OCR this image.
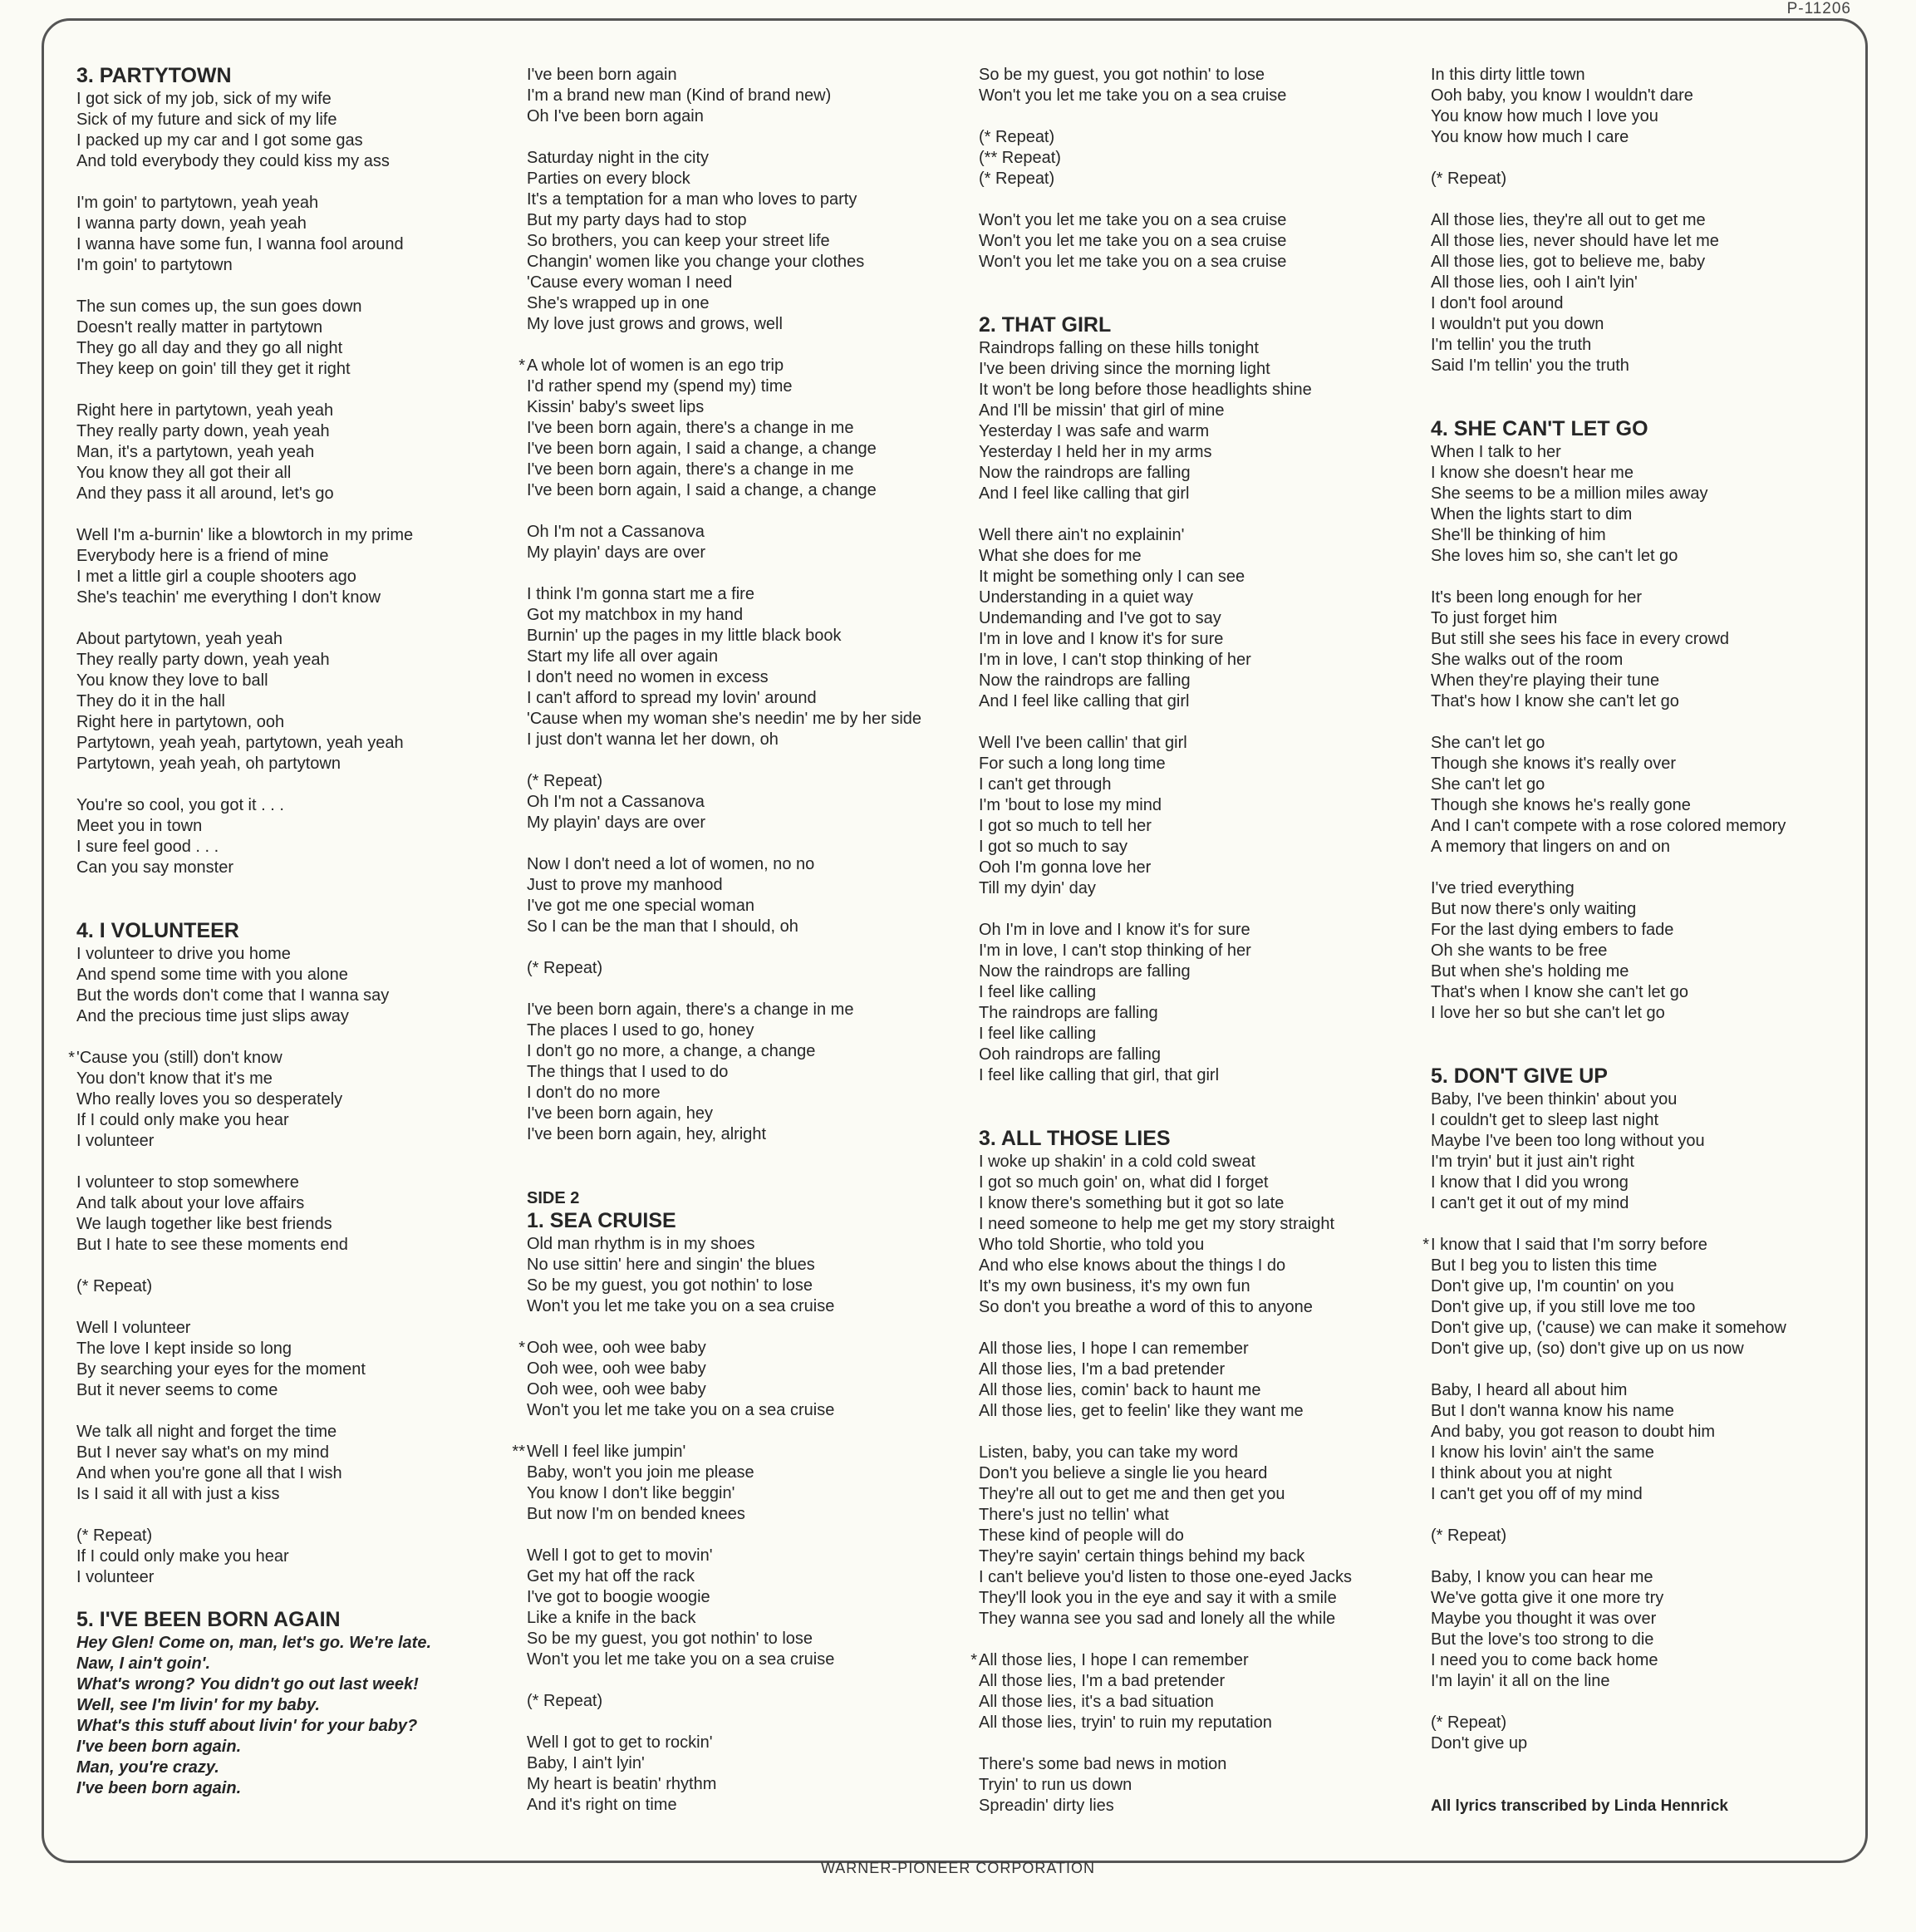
P-11206
3. PARTYTOWN
I got sick of my job, sick of my wife
Sick of my future and sick of my life
I packed up my car and I got some gas
And told everybody they could kiss my ass
I'm goin' to partytown, yeah yeah
I wanna party down, yeah yeah
I wanna have some fun, I wanna fool around
I'm goin' to partytown
The sun comes up, the sun goes down
Doesn't really matter in partytown
They go all day and they go all night
They keep on goin' till they get it right
Right here in partytown, yeah yeah
They really party down, yeah yeah
Man, it's a partytown, yeah yeah
You know they all got their all
And they pass it all around, let's go
Well I'm a-burnin' like a blowtorch in my prime
Everybody here is a friend of mine
I met a little girl a couple shooters ago
She's teachin' me everything I don't know
About partytown, yeah yeah
They really party down, yeah yeah
You know they love to ball
They do it in the hall
Right here in partytown, ooh
Partytown, yeah yeah, partytown, yeah yeah
Partytown, yeah yeah, oh partytown
You're so cool, you got it . . .
Meet you in town
I sure feel good . . .
Can you say monster
4. I VOLUNTEER
I volunteer to drive you home
And spend some time with you alone
But the words don't come that I wanna say
And the precious time just slips away
* 'Cause you (still) don't know
You don't know that it's me
Who really loves you so desperately
If I could only make you hear
I volunteer
I volunteer to stop somewhere
And talk about your love affairs
We laugh together like best friends
But I hate to see these moments end
(* Repeat)
Well I volunteer
The love I kept inside so long
By searching your eyes for the moment
But it never seems to come
We talk all night and forget the time
But I never say what's on my mind
And when you're gone all that I wish
Is I said it all with just a kiss
(* Repeat)
If I could only make you hear
I volunteer
5. I'VE BEEN BORN AGAIN
Hey Glen! Come on, man, let's go. We're late.
Naw, I ain't goin'.
What's wrong? You didn't go out last week!
Well, see I'm livin' for my baby.
What's this stuff about livin' for your baby?
I've been born again.
Man, you're crazy.
I've been born again.
I've been born again
I'm a brand new man (Kind of brand new)
Oh I've been born again
Saturday night in the city
Parties on every block
It's a temptation for a man who loves to party
But my party days had to stop
So brothers, you can keep your street life
Changin' women like you change your clothes
'Cause every woman I need
She's wrapped up in one
My love just grows and grows, well
* A whole lot of women is an ego trip
I'd rather spend my (spend my) time
Kissin' baby's sweet lips
I've been born again, there's a change in me
I've been born again, I said a change, a change
I've been born again, there's a change in me
I've been born again, I said a change, a change
Oh I'm not a Cassanova
My playin' days are over
I think I'm gonna start me a fire
Got my matchbox in my hand
Burnin' up the pages in my little black book
Start my life all over again
I don't need no women in excess
I can't afford to spread my lovin' around
'Cause when my woman she's needin' me by her side
I just don't wanna let her down, oh
(* Repeat)
Oh I'm not a Cassanova
My playin' days are over
Now I don't need a lot of women, no no
Just to prove my manhood
I've got me one special woman
So I can be the man that I should, oh
(* Repeat)
I've been born again, there's a change in me
The places I used to go, honey
I don't go no more, a change, a change
The things that I used to do
I don't do no more
I've been born again, hey
I've been born again, hey, alright
SIDE 2
1. SEA CRUISE
Old man rhythm is in my shoes
No use sittin' here and singin' the blues
So be my guest, you got nothin' to lose
Won't you let me take you on a sea cruise
* Ooh wee, ooh wee baby
Ooh wee, ooh wee baby
Ooh wee, ooh wee baby
Won't you let me take you on a sea cruise
** Well I feel like jumpin'
Baby, won't you join me please
You know I don't like beggin'
But now I'm on bended knees
Well I got to get to movin'
Get my hat off the rack
I've got to boogie woogie
Like a knife in the back
So be my guest, you got nothin' to lose
Won't you let me take you on a sea cruise
(* Repeat)
Well I got to get to rockin'
Baby, I ain't lyin'
My heart is beatin' rhythm
And it's right on time
So be my guest, you got nothin' to lose
Won't you let me take you on a sea cruise
(* Repeat)
(** Repeat)
(* Repeat)
Won't you let me take you on a sea cruise
Won't you let me take you on a sea cruise
Won't you let me take you on a sea cruise
2. THAT GIRL
Raindrops falling on these hills tonight
I've been driving since the morning light
It won't be long before those headlights shine
And I'll be missin' that girl of mine
Yesterday I was safe and warm
Yesterday I held her in my arms
Now the raindrops are falling
And I feel like calling that girl
Well there ain't no explainin'
What she does for me
It might be something only I can see
Understanding in a quiet way
Undemanding and I've got to say
I'm in love and I know it's for sure
I'm in love, I can't stop thinking of her
Now the raindrops are falling
And I feel like calling that girl
Well I've been callin' that girl
For such a long long time
I can't get through
I'm 'bout to lose my mind
I got so much to tell her
I got so much to say
Ooh I'm gonna love her
Till my dyin' day
Oh I'm in love and I know it's for sure
I'm in love, I can't stop thinking of her
Now the raindrops are falling
I feel like calling
The raindrops are falling
I feel like calling
Ooh raindrops are falling
I feel like calling that girl, that girl
3. ALL THOSE LIES
I woke up shakin' in a cold cold sweat
I got so much goin' on, what did I forget
I know there's something but it got so late
I need someone to help me get my story straight
Who told Shortie, who told you
And who else knows about the things I do
It's my own business, it's my own fun
So don't you breathe a word of this to anyone
All those lies, I hope I can remember
All those lies, I'm a bad pretender
All those lies, comin' back to haunt me
All those lies, get to feelin' like they want me
Listen, baby, you can take my word
Don't you believe a single lie you heard
They're all out to get me and then get you
There's just no tellin' what
These kind of people will do
They're sayin' certain things behind my back
I can't believe you'd listen to those one-eyed Jacks
They'll look you in the eye and say it with a smile
They wanna see you sad and lonely all the while
* All those lies, I hope I can remember
All those lies, I'm a bad pretender
All those lies, it's a bad situation
All those lies, tryin' to ruin my reputation
There's some bad news in motion
Tryin' to run us down
Spreadin' dirty lies
In this dirty little town
Ooh baby, you know I wouldn't dare
You know how much I love you
You know how much I care
(* Repeat)
All those lies, they're all out to get me
All those lies, never should have let me
All those lies, got to believe me, baby
All those lies, ooh I ain't lyin'
I don't fool around
I wouldn't put you down
I'm tellin' you the truth
Said I'm tellin' you the truth
4. SHE CAN'T LET GO
When I talk to her
I know she doesn't hear me
She seems to be a million miles away
When the lights start to dim
She'll be thinking of him
She loves him so, she can't let go
It's been long enough for her
To just forget him
But still she sees his face in every crowd
She walks out of the room
When they're playing their tune
That's how I know she can't let go
She can't let go
Though she knows it's really over
She can't let go
Though she knows he's really gone
And I can't compete with a rose colored memory
A memory that lingers on and on
I've tried everything
But now there's only waiting
For the last dying embers to fade
Oh she wants to be free
But when she's holding me
That's when I know she can't let go
I love her so but she can't let go
5. DON'T GIVE UP
Baby, I've been thinkin' about you
I couldn't get to sleep last night
Maybe I've been too long without you
I'm tryin' but it just ain't right
I know that I did you wrong
I can't get it out of my mind
* I know that I said that I'm sorry before
But I beg you to listen this time
Don't give up, I'm countin' on you
Don't give up, if you still love me too
Don't give up, ('cause) we can make it somehow
Don't give up, (so) don't give up on us now
Baby, I heard all about him
But I don't wanna know his name
And baby, you got reason to doubt him
I know his lovin' ain't the same
I think about you at night
I can't get you off of my mind
(* Repeat)
Baby, I know you can hear me
We've gotta give it one more try
Maybe you thought it was over
But the love's too strong to die
I need you to come back home
I'm layin' it all on the line
(* Repeat)
Don't give up
All lyrics transcribed by Linda Hennrick
WARNER-PIONEER CORPORATION
